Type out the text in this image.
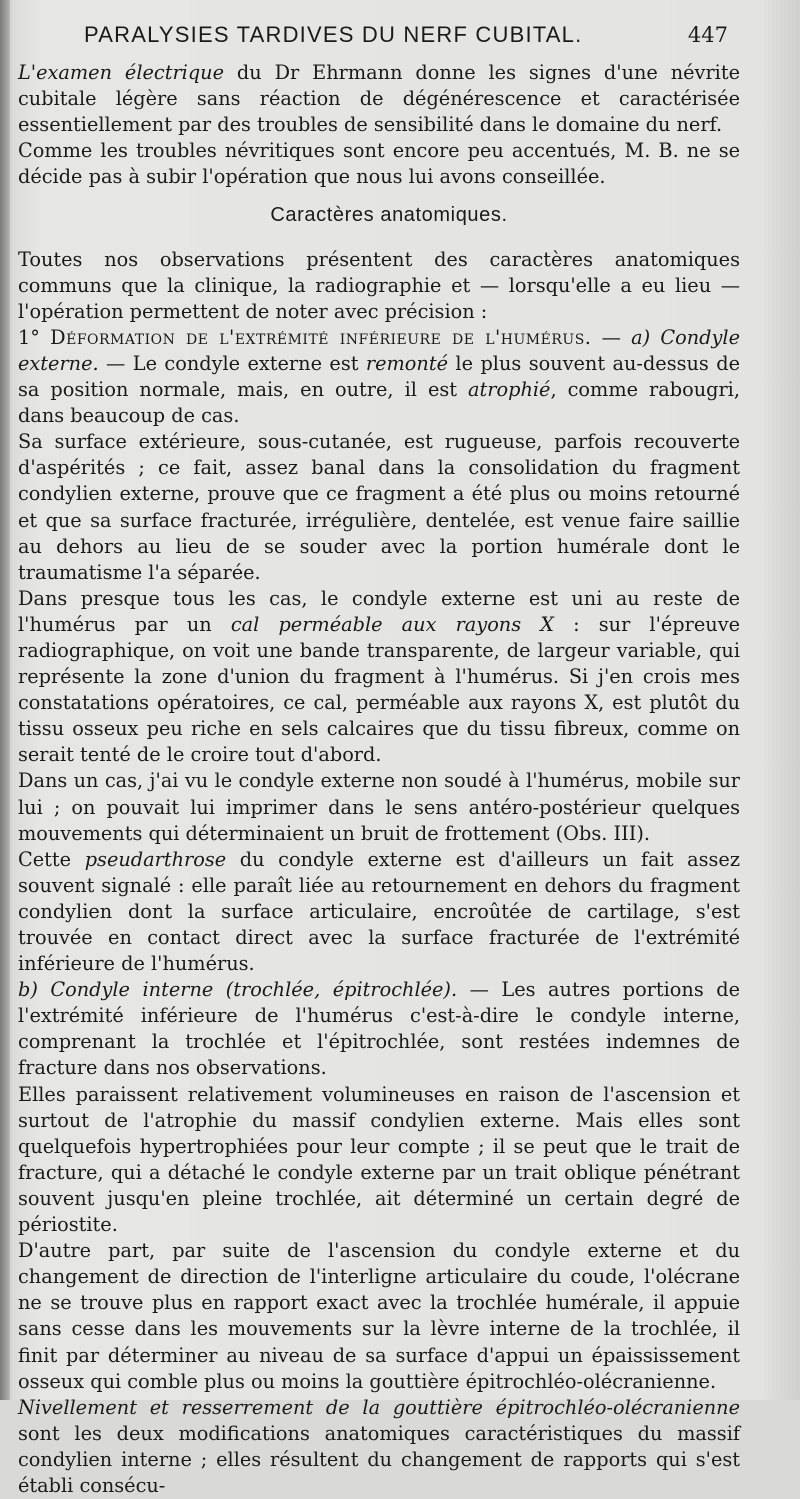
PARALYSIES TARDIVES DU NERF CUBITAL.	447

L'examen électrique du Dr Ehrmann donne les signes d'une névrite cubitale légère sans réaction de dégénérescence et caractérisée essentiellement par des troubles de sensibilité dans le domaine du nerf.

Comme les troubles névritiques sont encore peu accentués, M. B. ne se décide pas à subir l'opération que nous lui avons conseillée.

Caractères anatomiques.

Toutes nos observations présentent des caractères anatomiques communs que la clinique, la radiographie et — lorsqu'elle a eu lieu — l'opération permettent de noter avec précision :

1° Déformation de l'extrémité inférieure de l'humérus. — a) Condyle externe. — Le condyle externe est remonté le plus souvent au-dessus de sa position normale, mais, en outre, il est atrophié, comme rabougri, dans beaucoup de cas.

Sa surface extérieure, sous-cutanée, est rugueuse, parfois recouverte d'aspérités ; ce fait, assez banal dans la consolidation du fragment condylien externe, prouve que ce fragment a été plus ou moins retourné et que sa surface fracturée, irrégulière, dentelée, est venue faire saillie au dehors au lieu de se souder avec la portion humérale dont le traumatisme l'a séparée.

Dans presque tous les cas, le condyle externe est uni au reste de l'humérus par un cal perméable aux rayons X : sur l'épreuve radiographique, on voit une bande transparente, de largeur variable, qui représente la zone d'union du fragment à l'humérus. Si j'en crois mes constatations opératoires, ce cal, perméable aux rayons X, est plutôt du tissu osseux peu riche en sels calcaires que du tissu fibreux, comme on serait tenté de le croire tout d'abord.

Dans un cas, j'ai vu le condyle externe non soudé à l'humérus, mobile sur lui ; on pouvait lui imprimer dans le sens antéro-postérieur quelques mouvements qui déterminaient un bruit de frottement (Obs. III).

Cette pseudarthrose du condyle externe est d'ailleurs un fait assez souvent signalé : elle paraît liée au retournement en dehors du fragment condylien dont la surface articulaire, encroûtée de cartilage, s'est trouvée en contact direct avec la surface fracturée de l'extrémité inférieure de l'humérus.

b) Condyle interne (trochlée, épitrochlée). — Les autres portions de l'extrémité inférieure de l'humérus c'est-à-dire le condyle interne, comprenant la trochlée et l'épitrochlée, sont restées indemnes de fracture dans nos observations.

Elles paraissent relativement volumineuses en raison de l'ascension et surtout de l'atrophie du massif condylien externe. Mais elles sont quelquefois hypertrophiées pour leur compte ; il se peut que le trait de fracture, qui a détaché le condyle externe par un trait oblique pénétrant souvent jusqu'en pleine trochlée, ait déterminé un certain degré de périostite.

D'autre part, par suite de l'ascension du condyle externe et du changement de direction de l'interligne articulaire du coude, l'olécrane ne se trouve plus en rapport exact avec la trochlée humérale, il appuie sans cesse dans les mouvements sur la lèvre interne de la trochlée, il finit par déterminer au niveau de sa surface d'appui un épaississement osseux qui comble plus ou moins la gouttière épitrochléo-olécranienne.

Nivellement et resserrement de la gouttière épitrochléo-olécranienne sont les deux modifications anatomiques caractéristiques du massif condylien interne ; elles résultent du changement de rapports qui s'est établi consécu-
